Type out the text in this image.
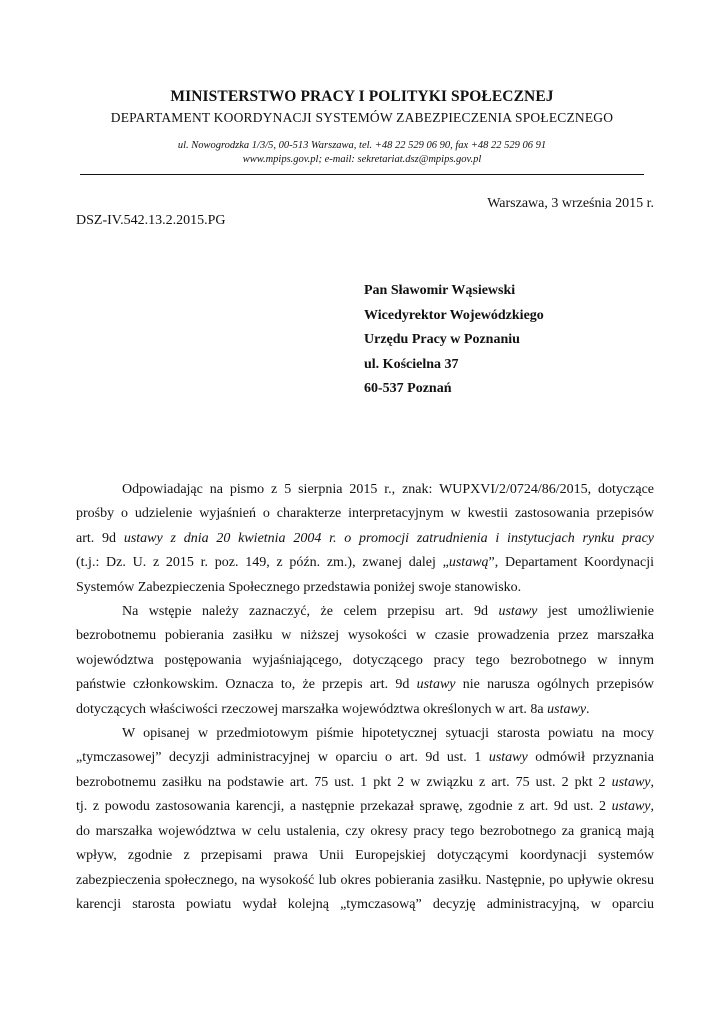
MINISTERSTWO PRACY I POLITYKI SPOŁECZNEJ
DEPARTAMENT KOORDYNACJI SYSTEMÓW ZABEZPIECZENIA SPOŁECZNEGO
ul. Nowogrodzka 1/3/5, 00-513 Warszawa, tel. +48 22 529 06 90, fax +48 22 529 06 91
www.mpips.gov.pl; e-mail: sekretariat.dsz@mpips.gov.pl
Warszawa, 3 września 2015 r.
DSZ-IV.542.13.2.2015.PG
Pan Sławomir Wąsiewski
Wicedyrektor Wojewódzkiego
Urzędu Pracy w Poznaniu
ul. Kościelna 37
60-537 Poznań
Odpowiadając na pismo z 5 sierpnia 2015 r., znak: WUPXVI/2/0724/86/2015, dotyczące
prośby o udzielenie wyjaśnień o charakterze interpretacyjnym w kwestii zastosowania przepisów
art. 9d ustawy z dnia 20 kwietnia 2004 r. o promocji zatrudnienia i instytucjach rynku pracy
(t.j.: Dz. U. z 2015 r. poz. 149, z późn. zm.), zwanej dalej „ustawą”, Departament Koordynacji
Systemów Zabezpieczenia Społecznego przedstawia poniżej swoje stanowisko.
Na wstępie należy zaznaczyć, że celem przepisu art. 9d ustawy jest umożliwienie
bezrobotnemu pobierania zasiłku w niższej wysokości w czasie prowadzenia przez marszałka
województwa postępowania wyjaśniającego, dotyczącego pracy tego bezrobotnego w innym
państwie członkowskim. Oznacza to, że przepis art. 9d ustawy nie narusza ogólnych przepisów
dotyczących właściwości rzeczowej marszałka województwa określonych w art. 8a ustawy.
W opisanej w przedmiotowym piśmie hipotetycznej sytuacji starosta powiatu na mocy
„tymczasowej” decyzji administracyjnej w oparciu o art. 9d ust. 1 ustawy odmówił przyznania
bezrobotnemu zasiłku na podstawie art. 75 ust. 1 pkt 2 w związku z art. 75 ust. 2 pkt 2 ustawy,
tj. z powodu zastosowania karencji, a następnie przekazał sprawę, zgodnie z art. 9d ust. 2 ustawy,
do marszałka województwa w celu ustalenia, czy okresy pracy tego bezrobotnego za granicą mają
wpływ, zgodnie z przepisami prawa Unii Europejskiej dotyczącymi koordynacji systemów
zabezpieczenia społecznego, na wysokość lub okres pobierania zasiłku. Następnie, po upływie okresu
karencji starosta powiatu wydał kolejną „tymczasową” decyzję administracyjną, w oparciu
